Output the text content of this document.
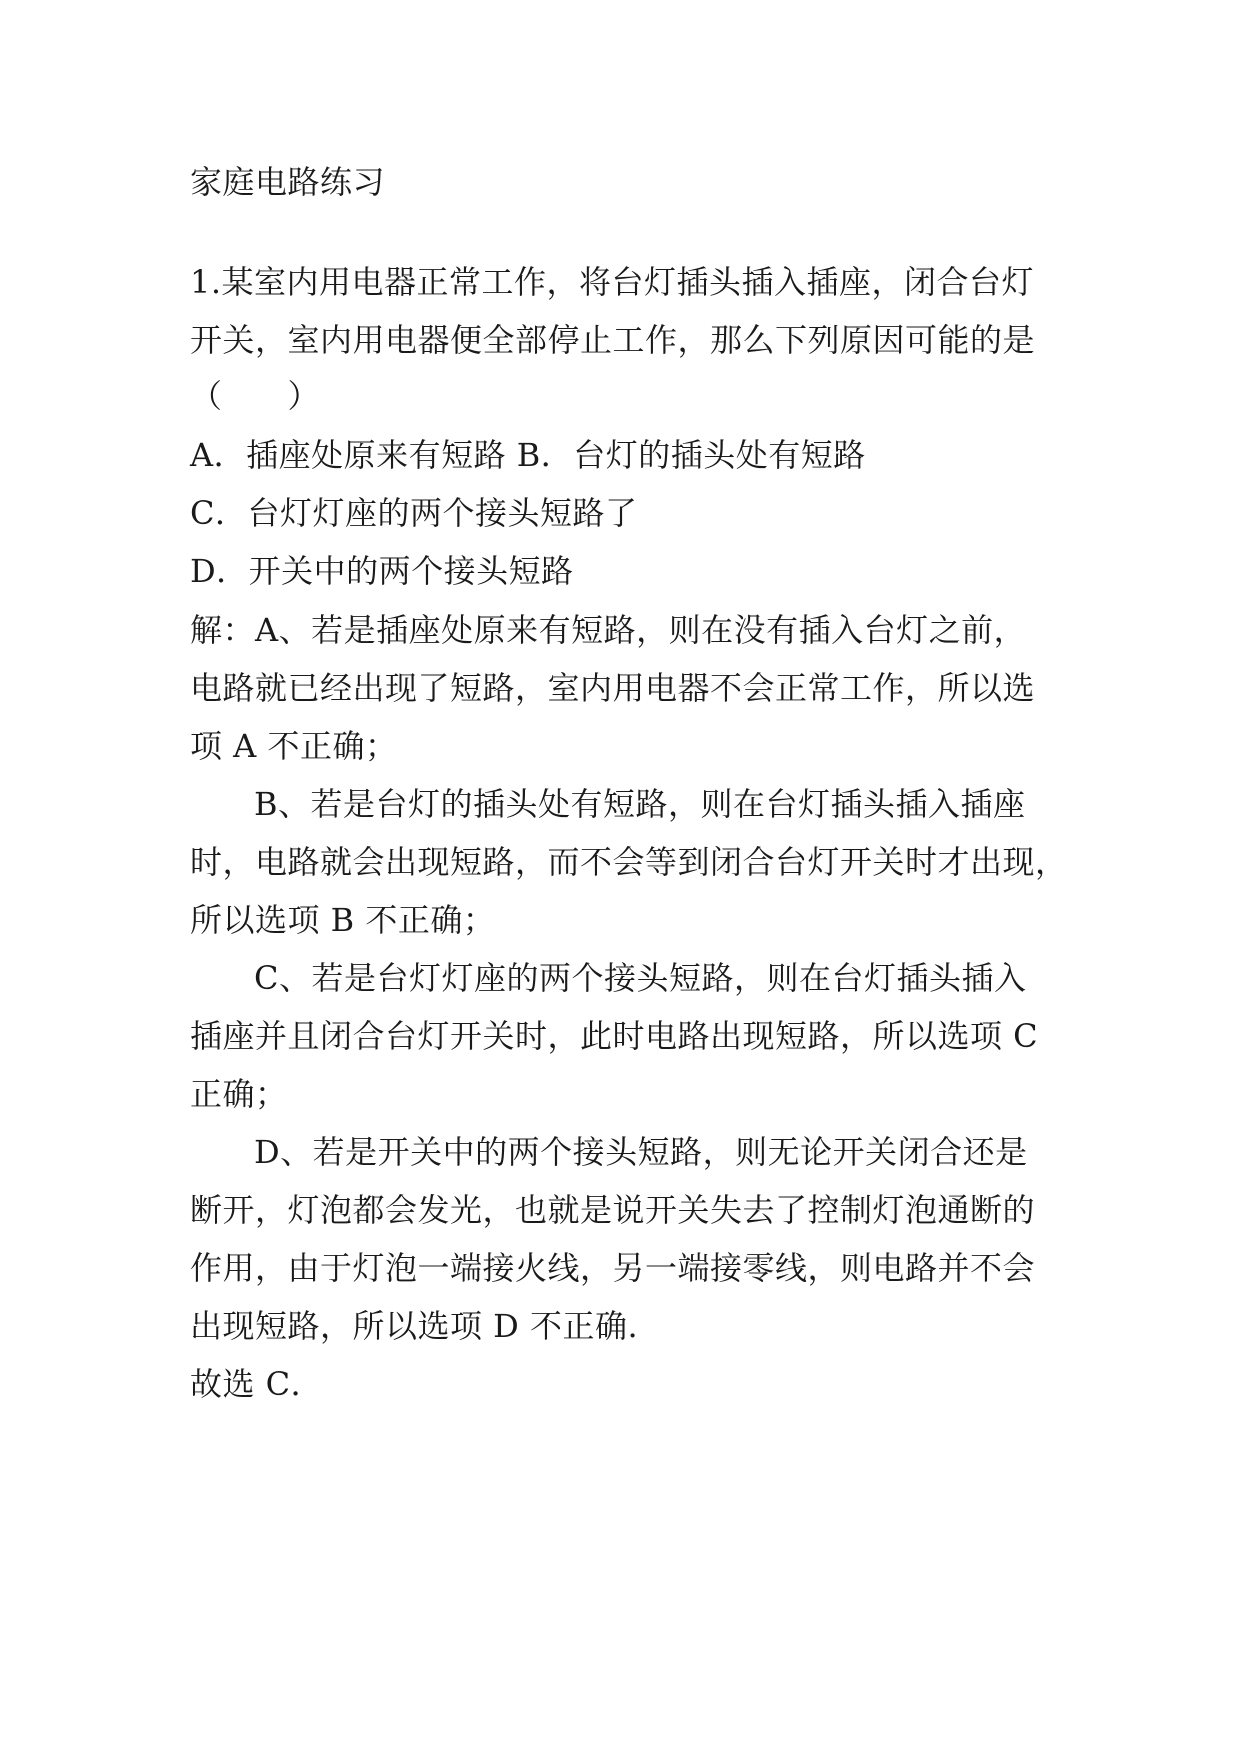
家庭电路练习
1.某室内用电器正常工作，将台灯插头插入插座，闭合台灯
开关，室内用电器便全部停止工作，那么下列原因可能的是
（　　）
A．插座处原来有短路 B．台灯的插头处有短路
C．台灯灯座的两个接头短路了
D．开关中的两个接头短路
解：A、若是插座处原来有短路，则在没有插入台灯之前，
电路就已经出现了短路，室内用电器不会正常工作，所以选
项 A 不正确；
B、若是台灯的插头处有短路，则在台灯插头插入插座
时，电路就会出现短路，而不会等到闭合台灯开关时才出现，
所以选项 B 不正确；
C、若是台灯灯座的两个接头短路，则在台灯插头插入
插座并且闭合台灯开关时，此时电路出现短路，所以选项 C
正确；
D、若是开关中的两个接头短路，则无论开关闭合还是
断开，灯泡都会发光，也就是说开关失去了控制灯泡通断的
作用，由于灯泡一端接火线，另一端接零线，则电路并不会
出现短路，所以选项 D 不正确.
故选 C．
